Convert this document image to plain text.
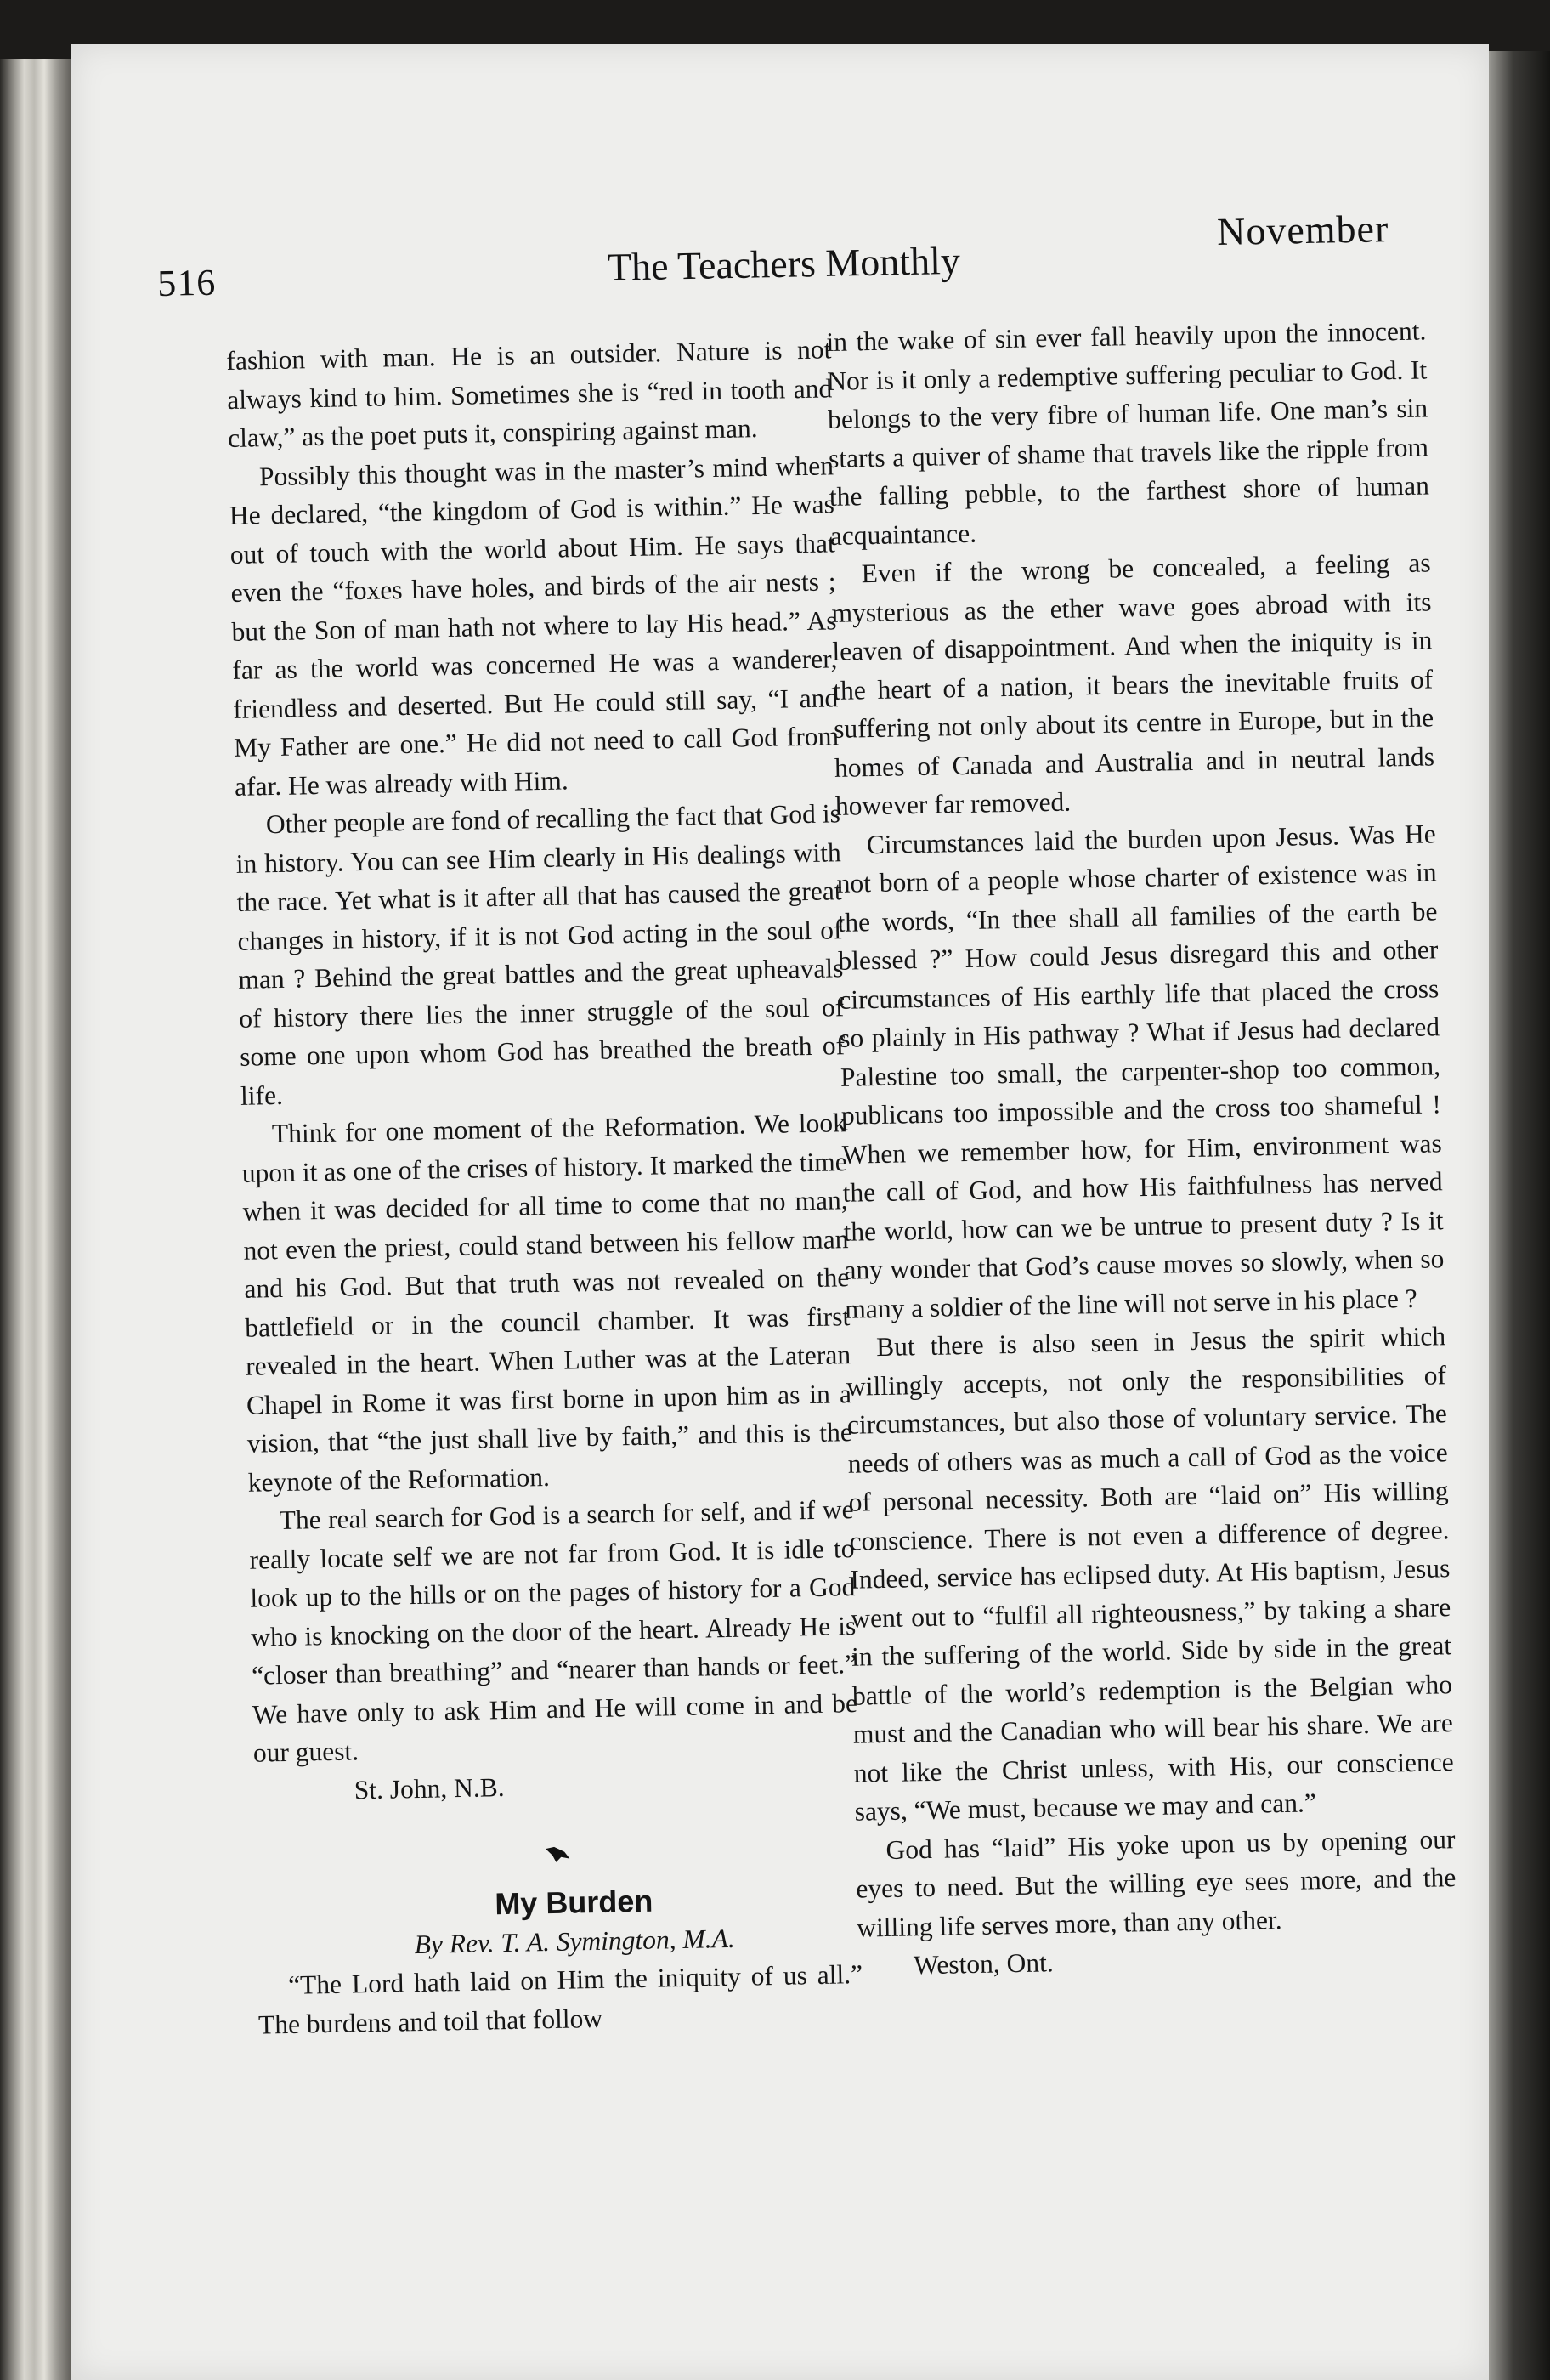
516	The Teachers Monthly
November

fashion with man. He is an outsider. Nature is not always kind to him. Sometimes she is “red in tooth and claw,” as the poet puts it, conspiring against man.

Possibly this thought was in the master’s mind when He declared, “the kingdom of God is within.” He was out of touch with the world about Him. He says that even the “foxes have holes, and birds of the air nests ; but the Son of man hath not where to lay His head.” As far as the world was concerned He was a wanderer, friendless and deserted. But He could still say, “I and My Father are one.” He did not need to call God from afar. He was already with Him.

Other people are fond of recalling the fact that God is in history. You can see Him clearly in His dealings with the race. Yet what is it after all that has caused the great changes in history, if it is not God acting in the soul of man ? Behind the great battles and the great upheavals of history there lies the inner struggle of the soul of some one upon whom God has breathed the breath of life.

Think for one moment of the Reformation. We look upon it as one of the crises of history. It marked the time when it was decided for all time to come that no man, not even the priest, could stand between his fellow man and his God. But that truth was not revealed on the battlefield or in the council chamber. It was first revealed in the heart. When Luther was at the Lateran Chapel in Rome it was first borne in upon him as in a vision, that “the just shall live by faith,” and this is the keynote of the Reformation.

The real search for God is a search for self, and if we really locate self we are not far from God. It is idle to look up to the hills or on the pages of history for a God who is knocking on the door of the heart. Already He is “closer than breathing” and “nearer than hands or feet.” We have only to ask Him and He will come in and be our guest.

St. John, N.B.

My Burden

By Rev. T. A. Symington, M.A.

“The Lord hath laid on Him the iniquity of us all.” The burdens and toil that follow

in the wake of sin ever fall heavily upon the innocent. Nor is it only a redemptive suffering peculiar to God. It belongs to the very fibre of human life. One man’s sin starts a quiver of shame that travels like the ripple from the falling pebble, to the farthest shore of human acquaintance.

Even if the wrong be concealed, a feeling as mysterious as the ether wave goes abroad with its leaven of disappointment. And when the iniquity is in the heart of a nation, it bears the inevitable fruits of suffering not only about its centre in Europe, but in the homes of Canada and Australia and in neutral lands however far removed.

Circumstances laid the burden upon Jesus. Was He not born of a people whose charter of existence was in the words, “In thee shall all families of the earth be blessed ?” How could Jesus disregard this and other circumstances of His earthly life that placed the cross so plainly in His pathway ? What if Jesus had declared Palestine too small, the carpenter-shop too common, publicans too impossible and the cross too shameful ! When we remember how, for Him, environment was the call of God, and how His faithfulness has nerved the world, how can we be untrue to present duty ? Is it any wonder that God’s cause moves so slowly, when so many a soldier of the line will not serve in his place ?

But there is also seen in Jesus the spirit which willingly accepts, not only the responsibilities of circumstances, but also those of voluntary service. The needs of others was as much a call of God as the voice of personal necessity. Both are “laid on” His willing conscience. There is not even a difference of degree. Indeed, service has eclipsed duty. At His baptism, Jesus went out to “fulfil all righteousness,” by taking a share in the suffering of the world. Side by side in the great battle of the world’s redemption is the Belgian who must and the Canadian who will bear his share. We are not like the Christ unless, with His, our conscience says, “We must, because we may and can.”

God has “laid” His yoke upon us by opening our eyes to need. But the willing eye sees more, and the willing life serves more, than any other.

Weston, Ont.
